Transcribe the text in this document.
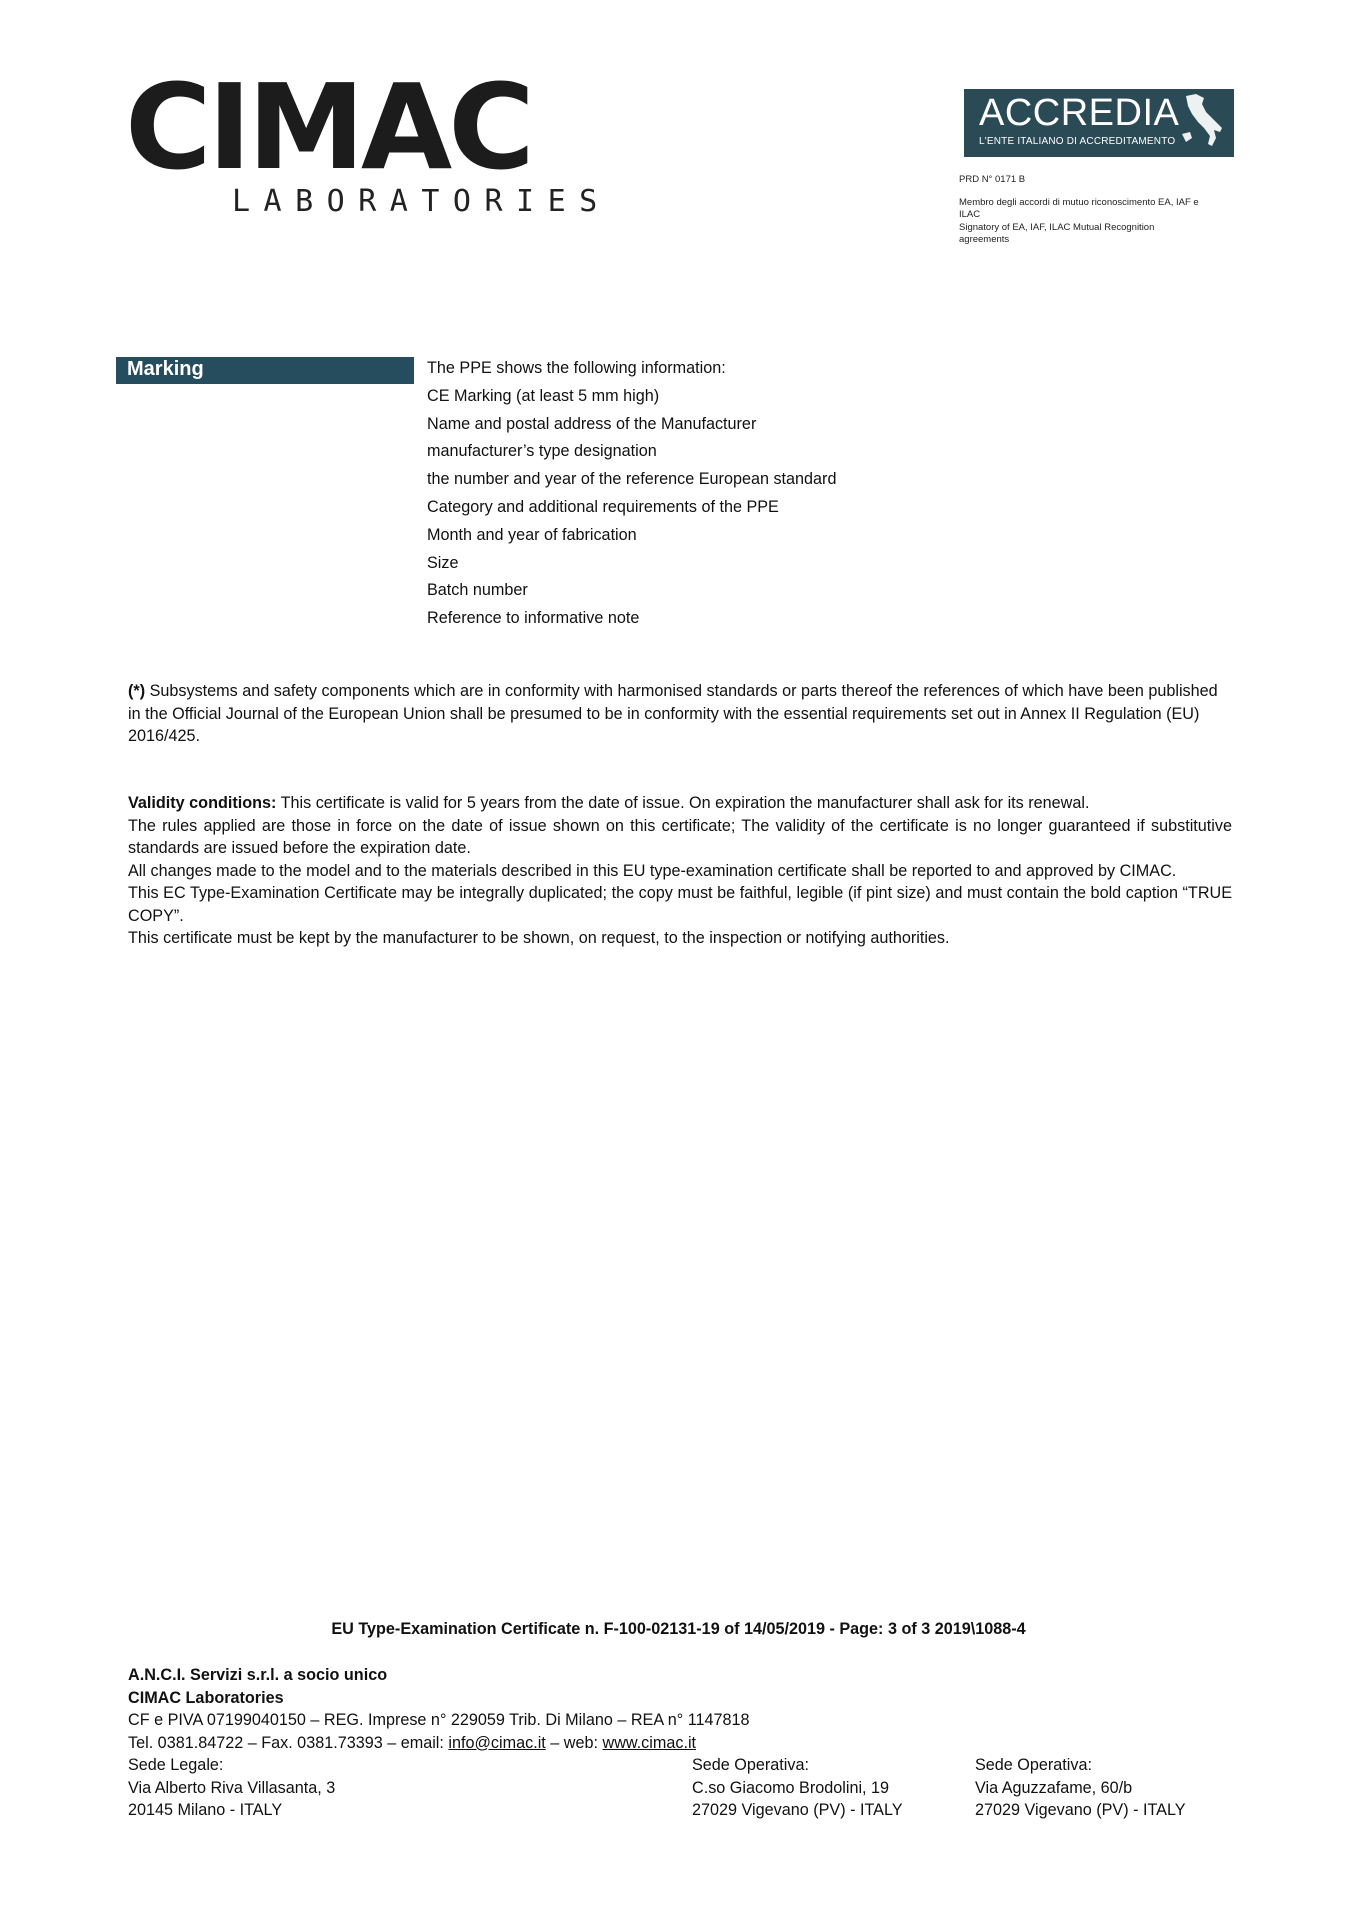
CIMAC
LABORATORIES
ACCREDIA
L'ENTE ITALIANO DI ACCREDITAMENTO
PRD N° 0171 B
Membro degli accordi di mutuo riconoscimento EA, IAF e ILAC
Signatory of EA, IAF, ILAC Mutual Recognition agreements
Marking	The PPE shows the following information:
CE Marking (at least 5 mm high)
Name and postal address of the Manufacturer
manufacturer’s type designation
the number and year of the reference European standard
Category and additional requirements of the PPE
Month and year of fabrication
Size
Batch number
Reference to informative note

(*) Subsystems and safety components which are in conformity with harmonised standards or parts thereof the references of which have been published in the Official Journal of the European Union shall be presumed to be in conformity with the essential requirements set out in Annex II Regulation (EU) 2016/425.

Validity conditions: This certificate is valid for 5 years from the date of issue. On expiration the manufacturer shall ask for its renewal.

The rules applied are those in force on the date of issue shown on this certificate; The validity of the certificate is no longer guaranteed if substitutive standards are issued before the expiration date.

All changes made to the model and to the materials described in this EU type-examination certificate shall be reported to and approved by CIMAC.

This EC Type-Examination Certificate may be integrally duplicated; the copy must be faithful, legible (if pint size) and must contain the bold caption “TRUE COPY”.

This certificate must be kept by the manufacturer to be shown, on request, to the inspection or notifying authorities.

EU Type-Examination Certificate n. F-100-02131-19 of 14/05/2019 - Page: 3 of 3 2019\1088-4
A.N.C.I. Servizi s.r.l. a socio unico
CIMAC Laboratories
CF e PIVA 07199040150 – REG. Imprese n° 229059 Trib. Di Milano – REA n° 1147818
Tel. 0381.84722 – Fax. 0381.73393 – email: info@cimac.it – web: www.cimac.it
Sede Legale:
Via Alberto Riva Villasanta, 3
20145 Milano - ITALY
Sede Operativa:
C.so Giacomo Brodolini, 19
27029 Vigevano (PV) - ITALY
Sede Operativa:
Via Aguzzafame, 60/b
27029 Vigevano (PV) - ITALY
